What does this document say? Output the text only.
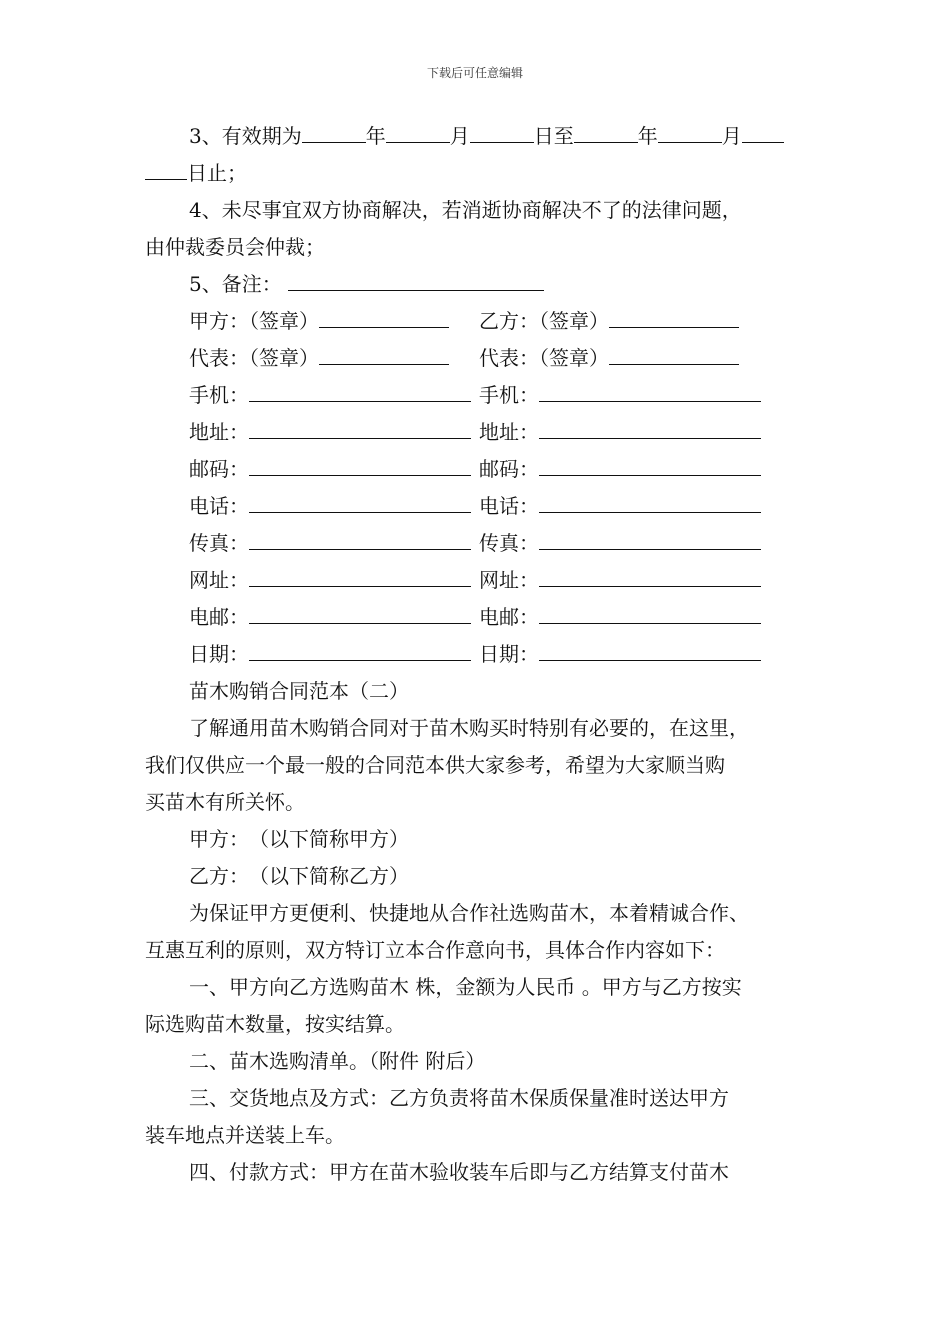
下载后可任意编辑

3、有效期为	年	月	日至	年	月

日止；

4、未尽事宜双方协商解决，若消逝协商解决不了的法律问题，

由仲裁委员会仲裁；

5、备注：

甲方：（签章）	乙方：（签章）
代表：（签章）	代表：（签章）
手机：	手机：
地址：	地址：
邮码：	邮码：
电话：	电话：
传真：	传真：
网址：	网址：
电邮：	电邮：
日期：	日期：

苗木购销合同范本（二）

了解通用苗木购销合同对于苗木购买时特别有必要的，在这里，

我们仅供应一个最一般的合同范本供大家参考，希望为大家顺当购

买苗木有所关怀。

甲方：　（以下简称甲方）

乙方：　（以下简称乙方）

为保证甲方更便利、快捷地从合作社选购苗木，本着精诚合作、

互惠互利的原则，双方特订立本合作意向书，具体合作内容如下：

一、甲方向乙方选购苗木 株，金额为人民币 。甲方与乙方按实

际选购苗木数量，按实结算。

二、苗木选购清单。（附件 附后）

三、交货地点及方式：乙方负责将苗木保质保量准时送达甲方

装车地点并送装上车。

四、付款方式：甲方在苗木验收装车后即与乙方结算支付苗木
